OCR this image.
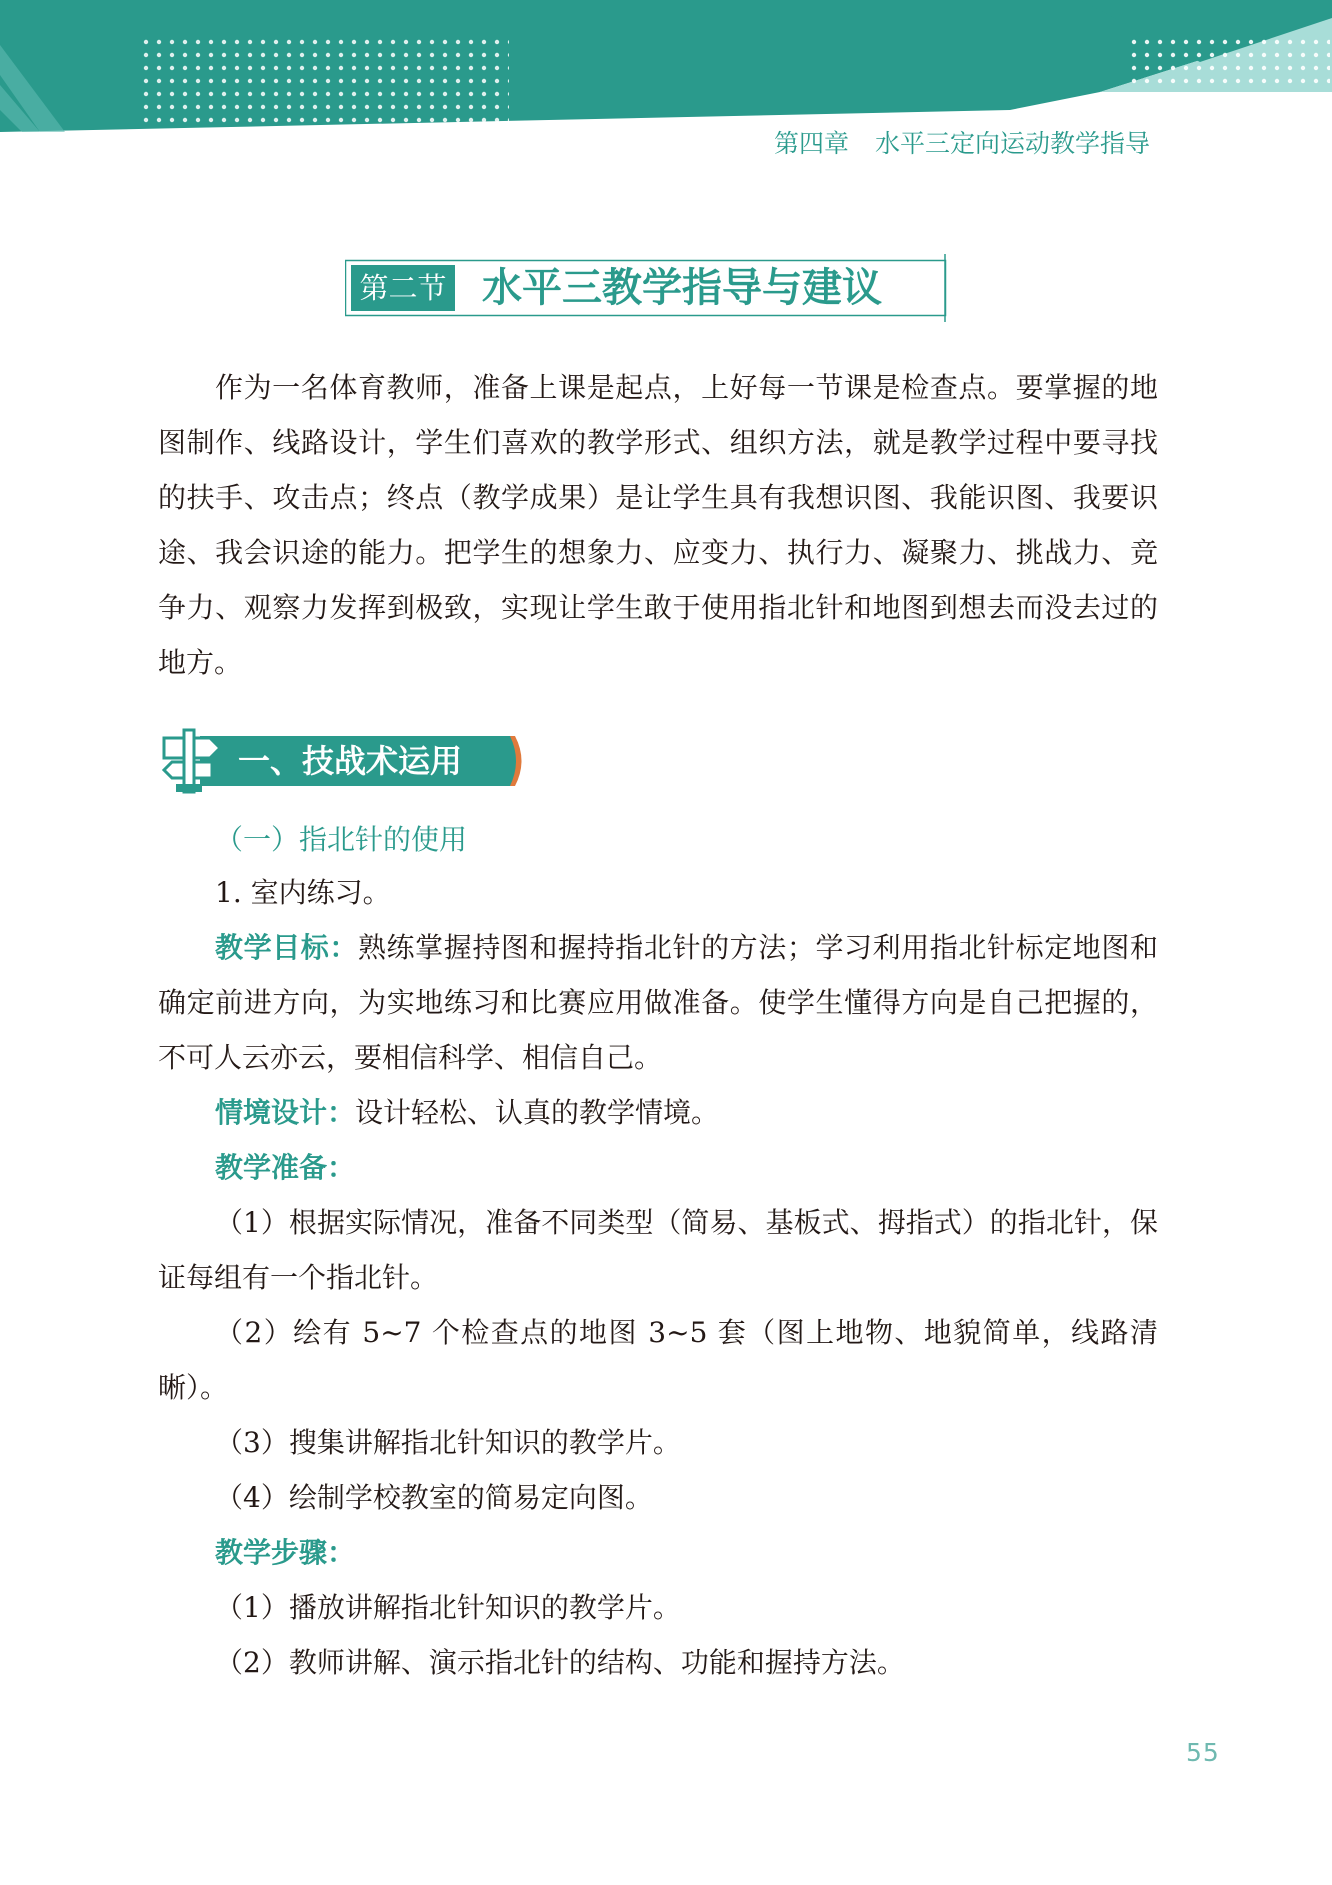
第四章 水平三定向运动教学指导
第二节 水平三教学指导与建议

作为一名体育教师，准备上课是起点，上好每一节课是检查点。要掌握的地图制作、线路设计，学生们喜欢的教学形式、组织方法，就是教学过程中要寻找的扶手、攻击点；终点（教学成果）是让学生具有我想识图、我能识图、我要识途、我会识途的能力。把学生的想象力、应变力、执行力、凝聚力、挑战力、竞争力、观察力发挥到极致，实现让学生敢于使用指北针和地图到想去而没去过的地方。

一、技战术运用
（一）指北针的使用

1. 室内练习。

教学目标：熟练掌握持图和握持指北针的方法；学习利用指北针标定地图和确定前进方向，为实地练习和比赛应用做准备。使学生懂得方向是自己把握的，不可人云亦云，要相信科学、相信自己。

情境设计：设计轻松、认真的教学情境。

教学准备：

（1）根据实际情况，准备不同类型（简易、基板式、拇指式）的指北针，保证每组有一个指北针。

（2）绘有 5~7 个检查点的地图 3~5 套（图上地物、地貌简单，线路清晰）。

（3）搜集讲解指北针知识的教学片。

（4）绘制学校教室的简易定向图。

教学步骤：

（1）播放讲解指北针知识的教学片。

（2）教师讲解、演示指北针的结构、功能和握持方法。

55
